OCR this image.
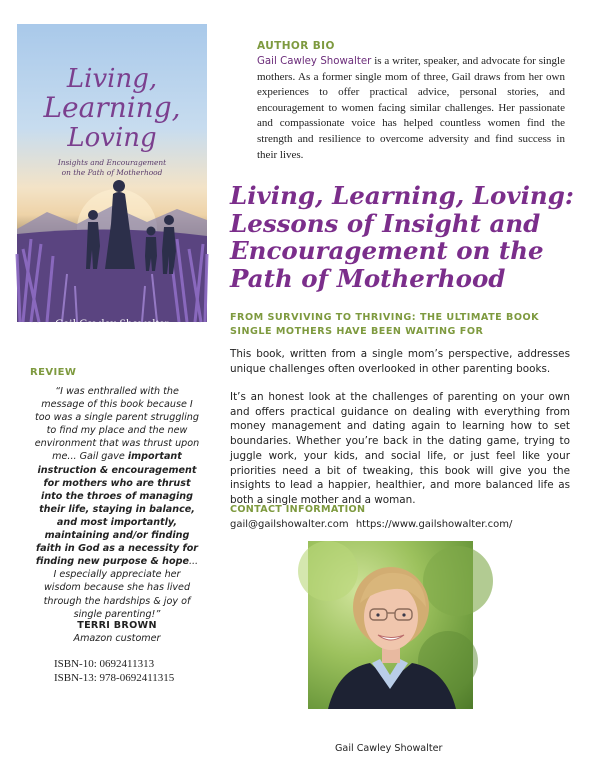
Living,
Learning,
Loving
Insights and Encouragement
on the Path of Motherhood
Gail Cawley Showalter
AUTHOR BIO
Gail Cawley Showalter is a writer, speaker, and advocate for single mothers. As a former single mom of three, Gail draws from her own experiences to offer practical advice, personal stories, and encouragement to women facing similar challenges. Her passionate and compassionate voice has helped countless women find the strength and resilience to overcome adversity and find success in their lives.
Living, Learning, Loving: Lessons of Insight and Encouragement on the Path of Motherhood
FROM SURVIVING TO THRIVING: THE ULTIMATE BOOK SINGLE MOTHERS HAVE BEEN WAITING FOR
This book, written from a single mom’s perspective, addresses unique challenges often overlooked in other parenting books.
It’s an honest look at the challenges of parenting on your own and offers practical guidance on dealing with everything from money management and dating again to learning how to set boundaries. Whether you’re back in the dating game, trying to juggle work, your kids, and social life, or just feel like your priorities need a bit of tweaking, this book will give you the insights to lead a happier, healthier, and more balanced life as both a single mother and a woman.
CONTACT INFORMATION
gail@gailshowalter.com https://www.gailshowalter.com/
Gail Cawley Showalter
REVIEW
“I was enthralled with the message of this book because I too was a single parent struggling to find my place and the new environment that was thrust upon me... Gail gave important instruction & encouragement for mothers who are thrust into the throes of managing their life, staying in balance, and most importantly, maintaining and/or finding faith in God as a necessity for finding new purpose & hope... I especially appreciate her wisdom because she has lived through the hardships & joy of single parenting!”
TERRI BROWN
Amazon customer
ISBN-10: 0692411313
ISBN-13: 978-0692411315
